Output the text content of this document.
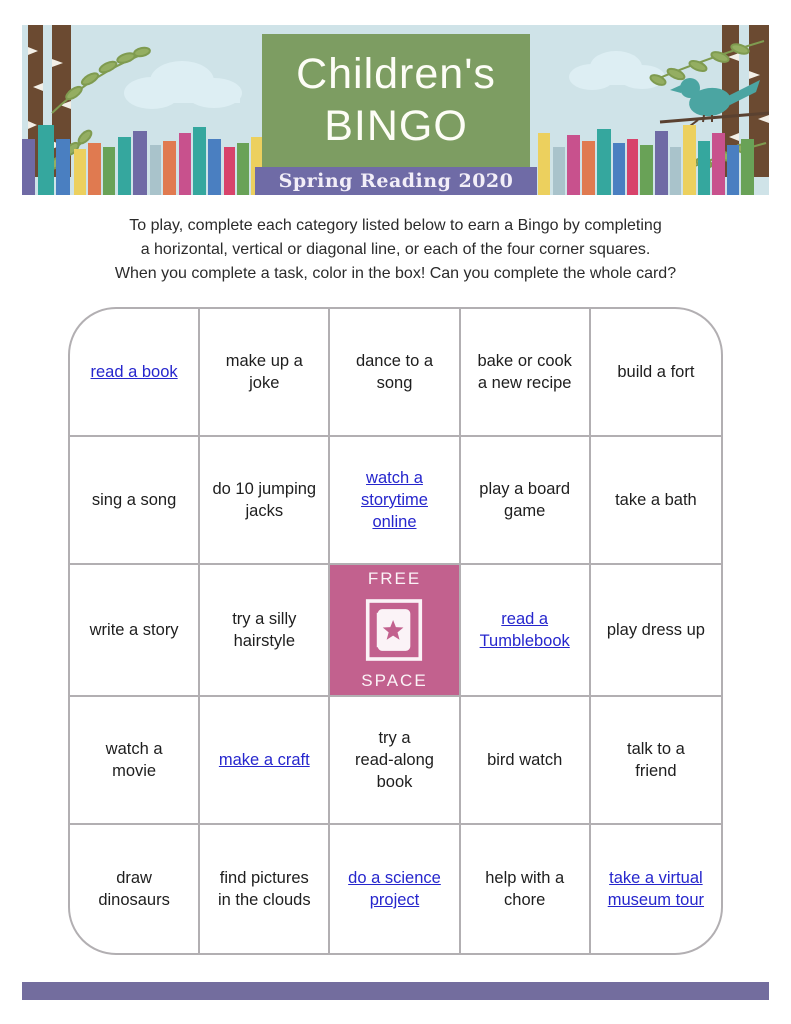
Children's
BINGO
Spring Reading 2020
To play, complete each category listed below to earn a Bingo by completing
a horizontal, vertical or diagonal line, or each of the four corner squares.
When you complete a task, color in the box! Can you complete the whole card?
read a book
make up a
joke
dance to a
song
bake or cook
a new recipe
build a fort
sing a song
do 10 jumping
jacks
watch a
storytime
online
play a board
game
take a bath
write a story
try a silly
hairstyle
FREE
SPACE
read a
Tumblebook
play dress up
watch a
movie
make a craft
try a
read-along
book
bird watch
talk to a
friend
draw
dinosaurs
find pictures
in the clouds
do a science
project
help with a
chore
take a virtual
museum tour
